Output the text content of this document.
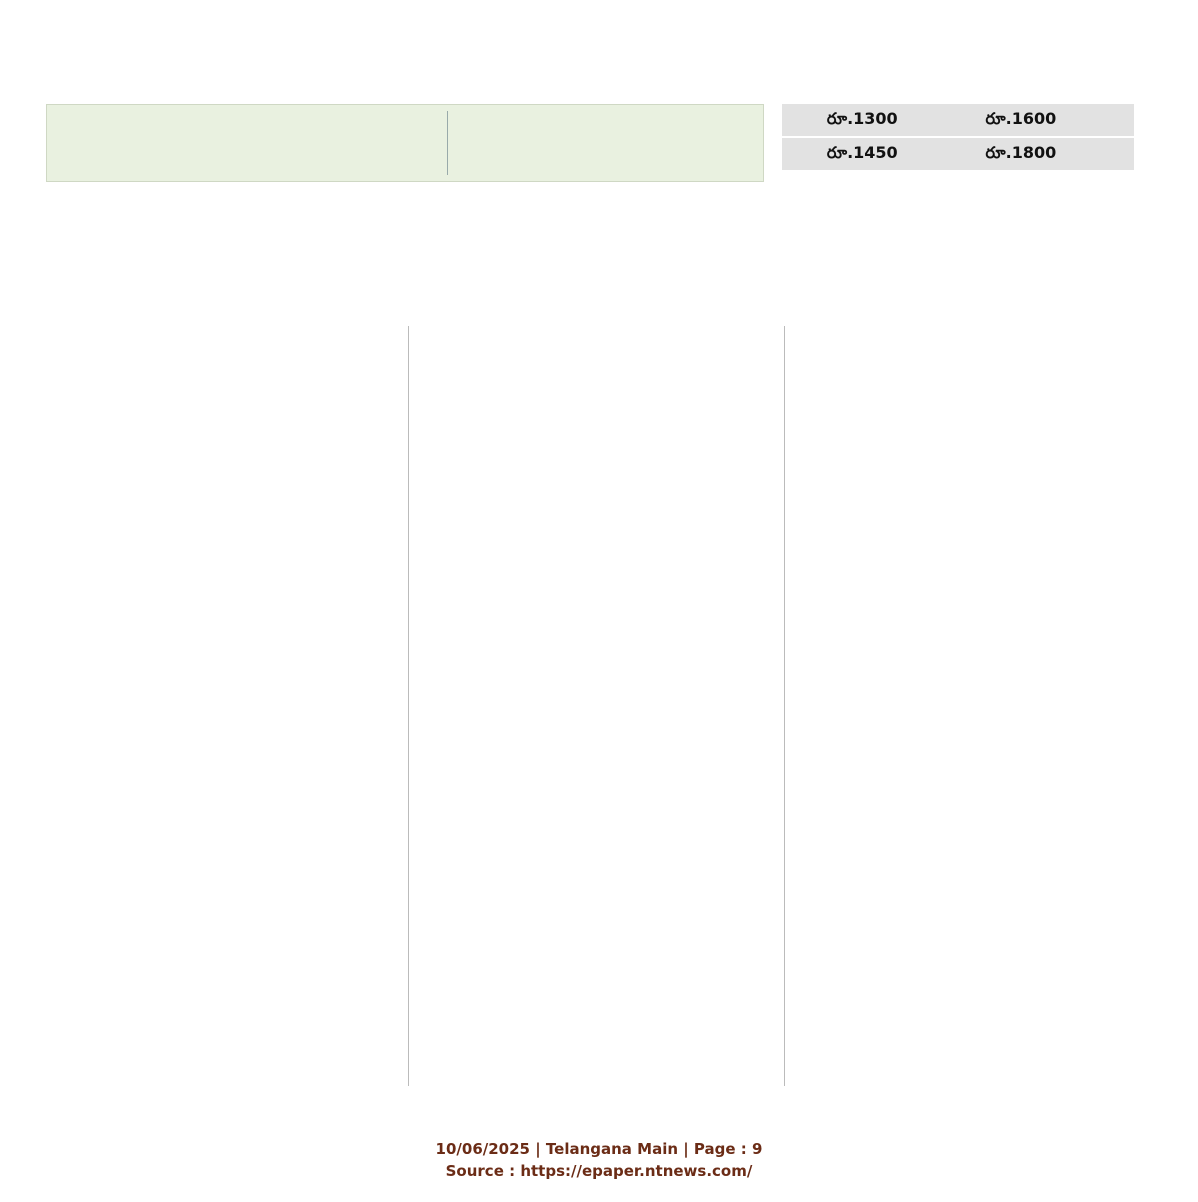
	రూ.1300	రూ.1600
	రూ.1450	రూ.1800
10/06/2025 | Telangana Main | Page : 9
Source : https://epaper.ntnews.com/
